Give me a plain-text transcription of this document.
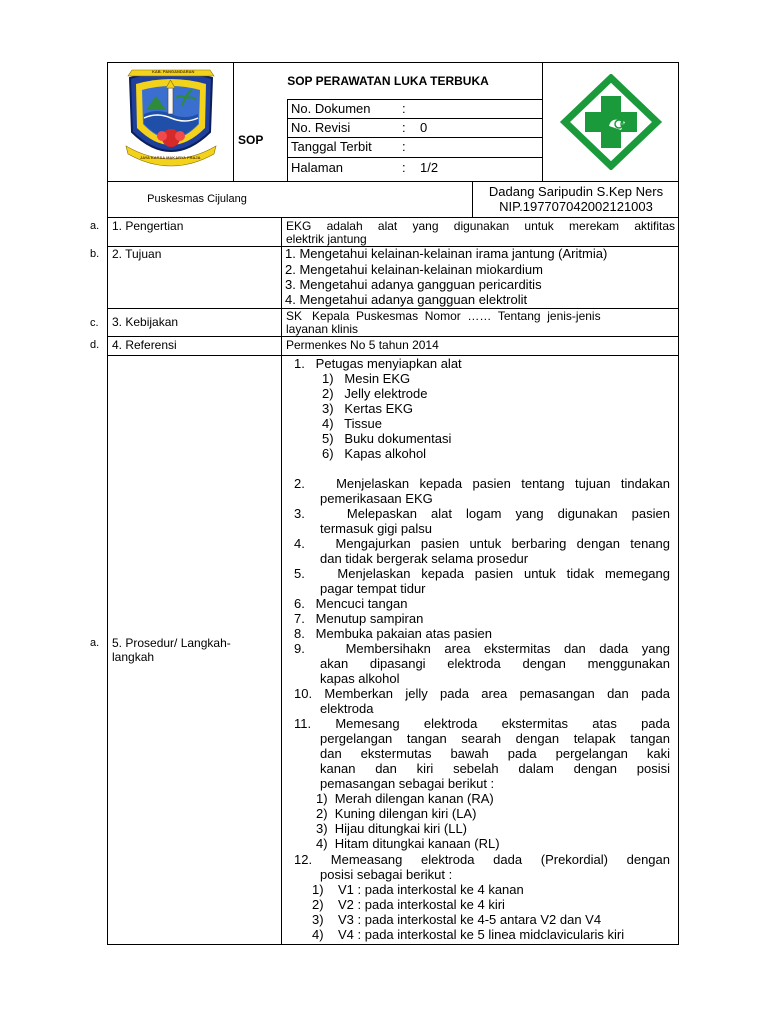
KAB. PANGANDARAN
JAYA KARSA MAKARYA PRAJA
SOP PERAWATAN LUKA TERBUKA
SOP
No. Dokumen :
No. Revisi	: 0
Tanggal Terbit :
Halaman	: 1/2
Puskesmas Cijulang	Dadang Saripudin S.Kep Ners
NIP.197707042002121003
a. 1. Pengertian	EKG adalah alat yang digunakan untuk merekam aktifitas
elektrik jantung
b. 2. Tujuan	1. Mengetahui kelainan-kelainan irama jantung (Aritmia)
2. Mengetahui kelainan-kelainan miokardium
3. Mengetahui adanya gangguan pericarditis
4. Mengetahui adanya gangguan elektrolit
c. 3. Kebijakan	SK   Kepala  Puskesmas  Nomor  ……  Tentang  jenis-jenis
layanan klinis
d. 4. Referensi	Permenkes No 5 tahun 2014
a. 5. Prosedur/ Langkah-
langkah
1.   Petugas menyiapkan alat
1)   Mesin EKG
2)   Jelly elektrode
3)   Kertas EKG
4)   Tissue
5)   Buku dokumentasi
6)   Kapas alkohol
2.   Menjelaskan kepada pasien tentang tujuan tindakan
pemerikasaan EKG
3.   Melepaskan alat logam yang digunakan pasien
termasuk gigi palsu
4.   Mengajurkan pasien untuk berbaring dengan tenang
dan tidak bergerak selama prosedur
5.   Menjelaskan kepada pasien untuk tidak memegang
pagar tempat tidur
6.   Mencuci tangan
7.   Menutup sampiran
8.   Membuka pakaian atas pasien
9.   Membersihakn area ekstermitas dan dada yang
akan dipasangi elektroda dengan menggunakan
kapas alkohol
10. Memberkan jelly pada area pemasangan dan pada
elektroda
11. Memesang elektroda ekstermitas atas pada
pergelangan tangan searah dengan telapak tangan
dan ekstermutas bawah pada pergelangan kaki
kanan dan kiri sebelah dalam dengan posisi
pemasangan sebagai berikut :
1)  Merah dilengan kanan (RA)
2)  Kuning dilengan kiri (LA)
3)  Hijau ditungkai kiri (LL)
4)  Hitam ditungkai kanaan (RL)
12. Memeasang elektroda dada (Prekordial) dengan
posisi sebagai berikut :
1)    V1 : pada interkostal ke 4 kanan
2)    V2 : pada interkostal ke 4 kiri
3)    V3 : pada interkostal ke 4-5 antara V2 dan V4
4)    V4 : pada interkostal ke 5 linea midclavicularis kiri
